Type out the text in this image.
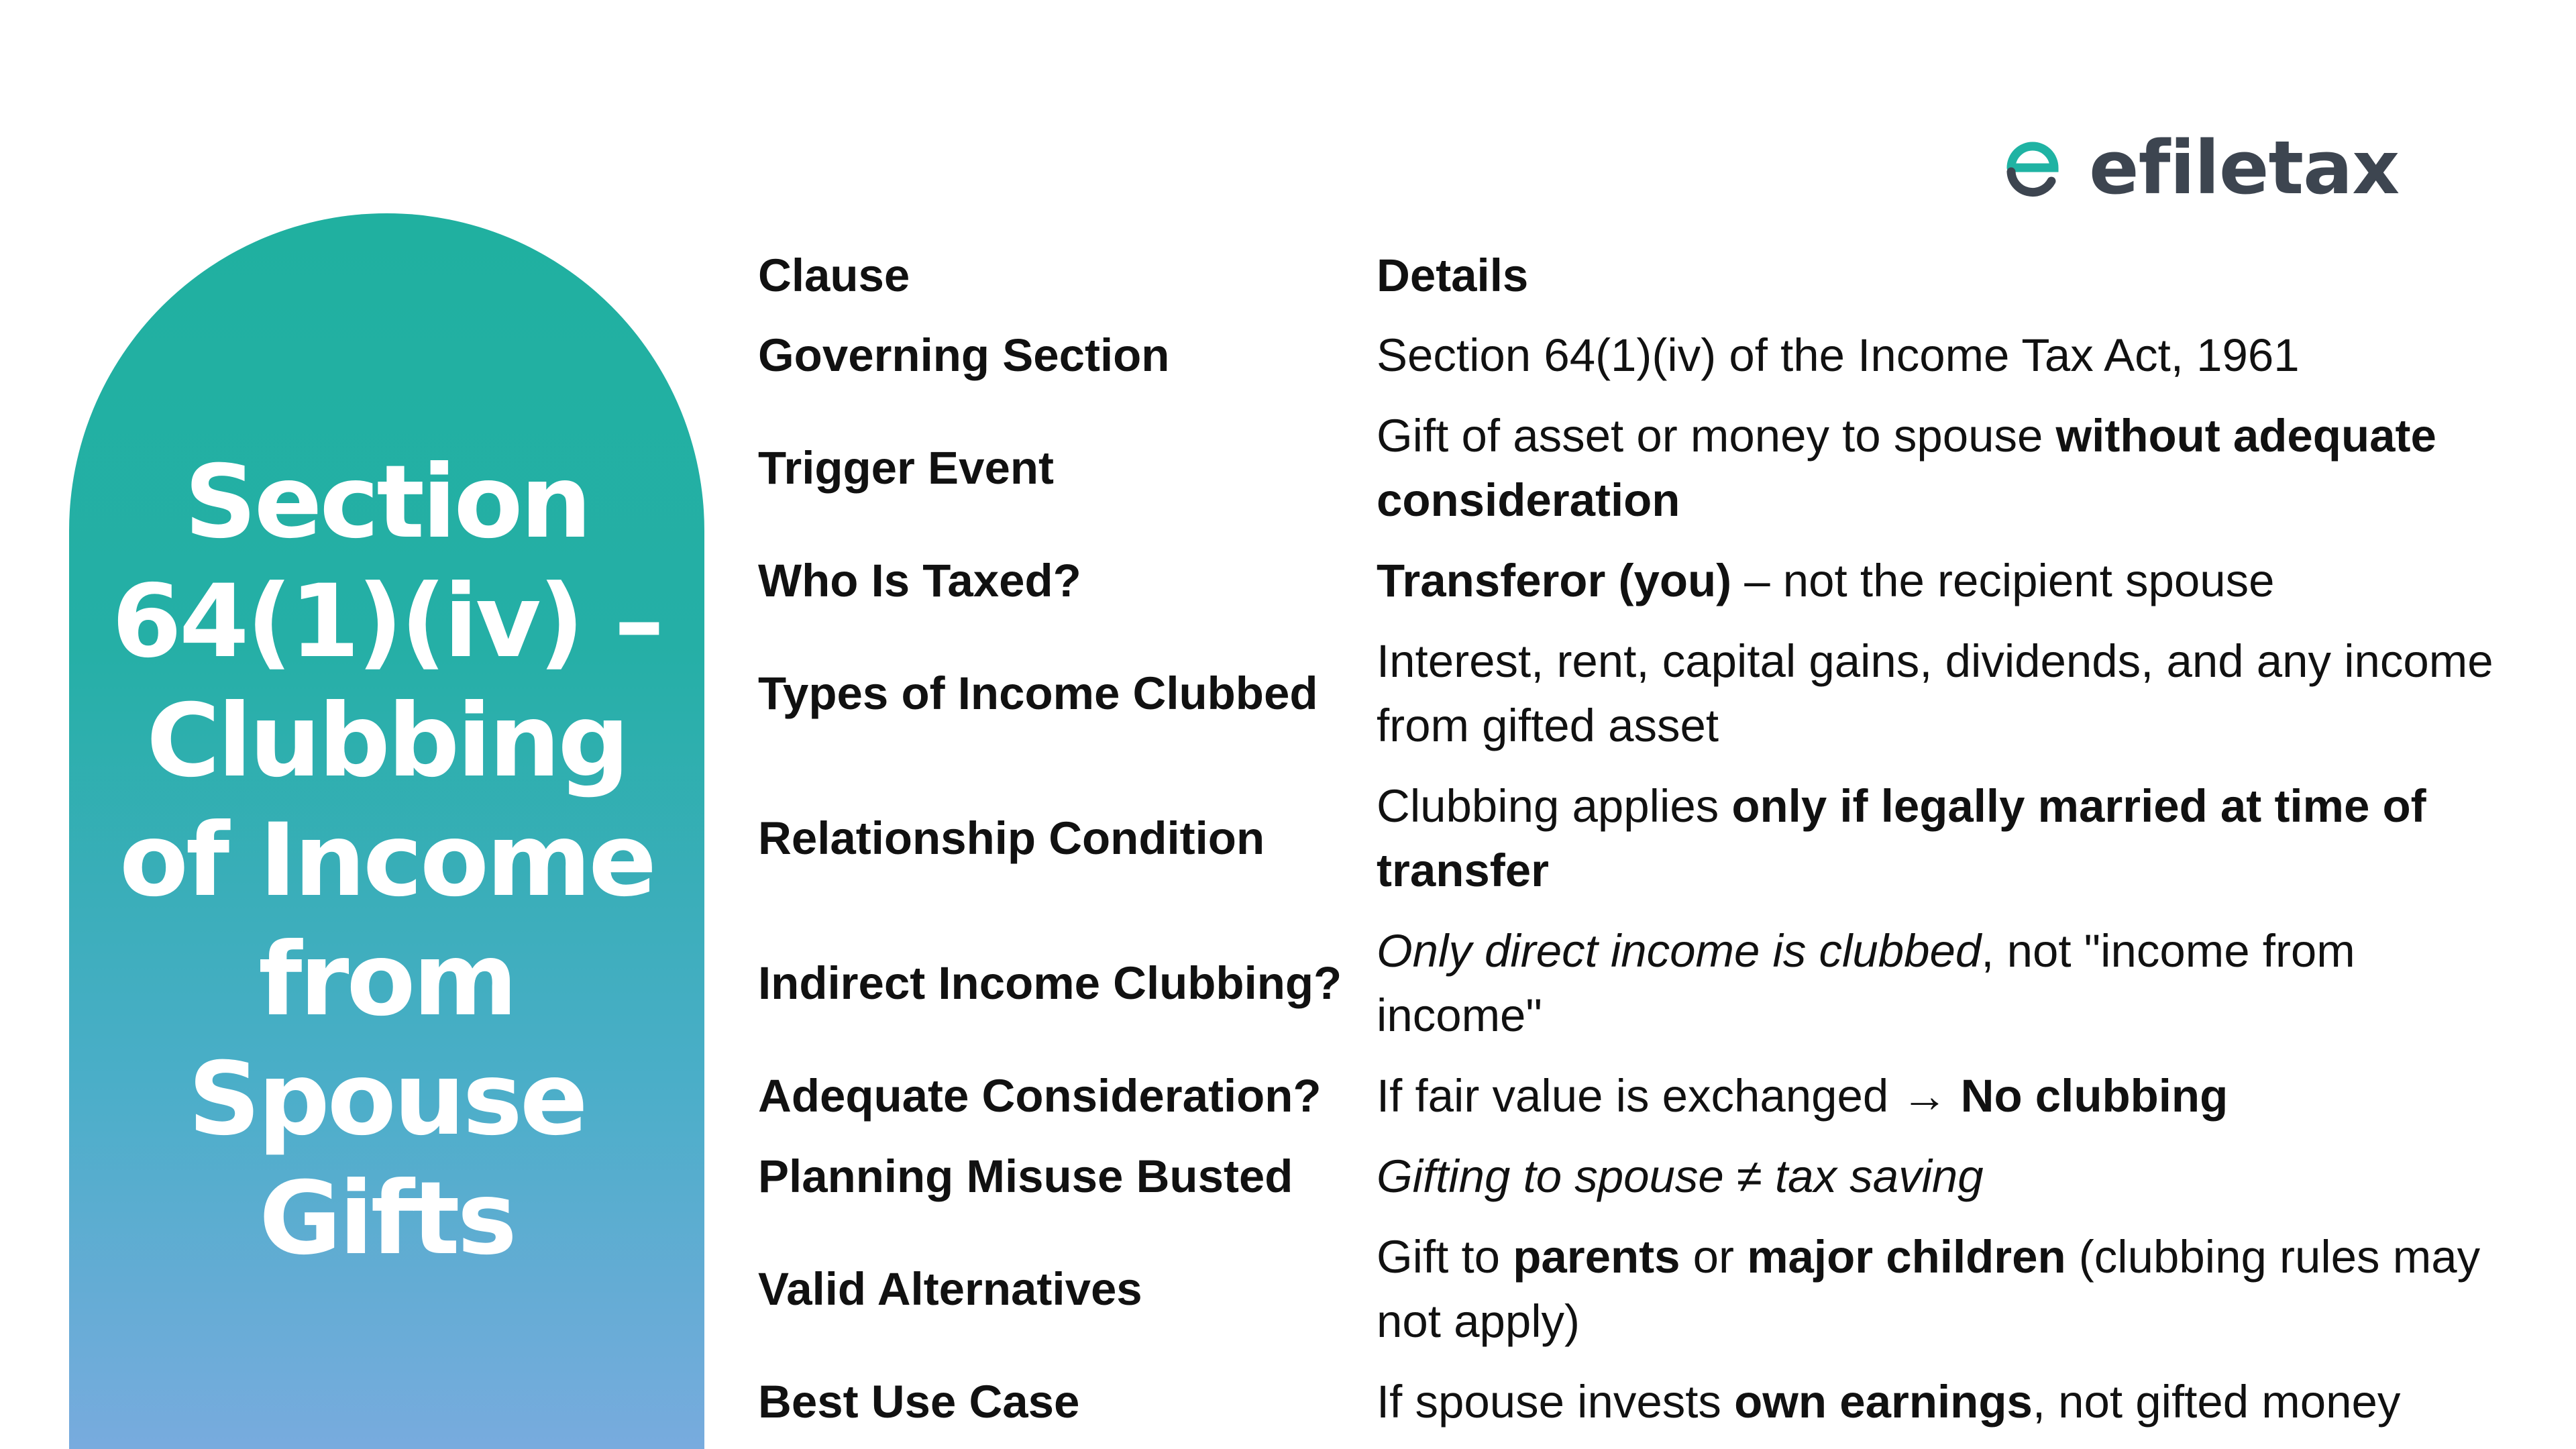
Section
64(1)(iv) –
Clubbing
of Income
from
Spouse
Gifts
efiletax
Clause	Details
Governing Section	Section 64(1)(iv) of the Income Tax Act, 1961
Trigger Event	Gift of asset or money to spouse without adequate consideration
Who Is Taxed?	Transferor (you) – not the recipient spouse
Types of Income Clubbed	Interest, rent, capital gains, dividends, and any income from gifted asset
Relationship Condition	Clubbing applies only if legally married at time of transfer
Indirect Income Clubbing?	Only direct income is clubbed, not "income from income"
Adequate Consideration?	If fair value is exchanged → No clubbing
Planning Misuse Busted	Gifting to spouse ≠ tax saving
Valid Alternatives	Gift to parents or major children (clubbing rules may not apply)
Best Use Case	If spouse invests own earnings, not gifted money
